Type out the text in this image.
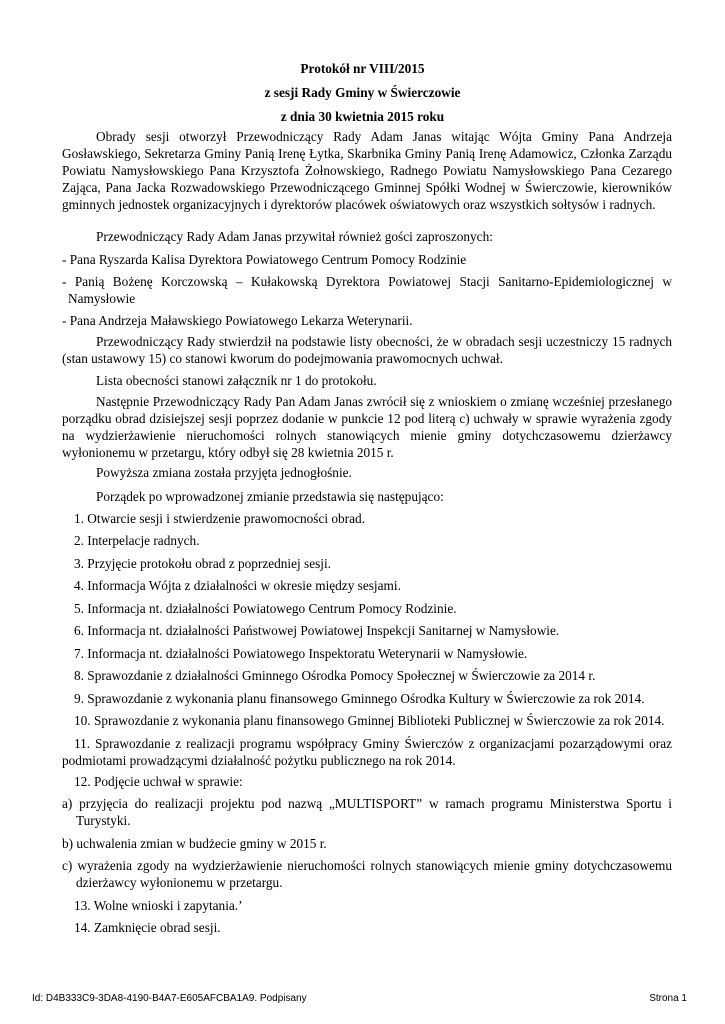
Protokół nr VIII/2015
z sesji Rady Gminy w Świerczowie
z dnia 30 kwietnia 2015 roku
Obrady sesji otworzył Przewodniczący Rady Adam Janas witając Wójta Gminy Pana Andrzeja Gosławskiego, Sekretarza Gminy Panią Irenę Łytka, Skarbnika Gminy Panią Irenę Adamowicz, Członka Zarządu Powiatu Namysłowskiego Pana Krzysztofa Żołnowskiego, Radnego Powiatu Namysłowskiego Pana Cezarego Zająca, Pana Jacka Rozwadowskiego Przewodniczącego Gminnej Spółki Wodnej w Świerczowie, kierowników gminnych jednostek organizacyjnych i dyrektorów placówek oświatowych oraz wszystkich sołtysów i radnych.
Przewodniczący Rady Adam Janas przywitał również gości zaproszonych:
- Pana Ryszarda Kalisa Dyrektora Powiatowego Centrum Pomocy Rodzinie
- Panią Bożenę Korczowską – Kułakowską Dyrektora Powiatowej Stacji Sanitarno-Epidemiologicznej w Namysłowie
- Pana Andrzeja Maławskiego Powiatowego Lekarza Weterynarii.
Przewodniczący Rady stwierdził na podstawie listy obecności, że w obradach sesji uczestniczy 15 radnych (stan ustawowy 15) co stanowi kworum do podejmowania prawomocnych uchwał.
Lista obecności stanowi załącznik nr 1 do protokołu.
Następnie Przewodniczący Rady Pan Adam Janas zwrócił się z wnioskiem o zmianę wcześniej przesłanego porządku obrad dzisiejszej sesji poprzez dodanie w punkcie 12 pod literą c) uchwały w sprawie wyrażenia zgody na wydzierżawienie nieruchomości rolnych stanowiących mienie gminy dotychczasowemu dzierżawcy wyłonionemu w przetargu, który odbył się 28 kwietnia 2015 r.
Powyższa zmiana została przyjęta jednogłośnie.
Porządek po wprowadzonej zmianie przedstawia się następująco:
1. Otwarcie sesji i stwierdzenie prawomocności obrad.
2. Interpelacje radnych.
3. Przyjęcie protokołu obrad z poprzedniej sesji.
4. Informacja Wójta z działalności w okresie między sesjami.
5. Informacja nt. działalności Powiatowego Centrum Pomocy Rodzinie.
6. Informacja nt. działalności Państwowej Powiatowej Inspekcji Sanitarnej w Namysłowie.
7. Informacja nt. działalności Powiatowego Inspektoratu Weterynarii w Namysłowie.
8. Sprawozdanie z działalności Gminnego Ośrodka Pomocy Społecznej w Świerczowie za 2014 r.
9. Sprawozdanie z wykonania planu finansowego Gminnego Ośrodka Kultury w Świerczowie za rok 2014.
10. Sprawozdanie z wykonania planu finansowego Gminnej Biblioteki Publicznej w Świerczowie za rok 2014.
11. Sprawozdanie z realizacji programu współpracy Gminy Świerczów z organizacjami pozarządowymi oraz podmiotami prowadzącymi działalność pożytku publicznego na rok 2014.
12. Podjęcie uchwał w sprawie:
a) przyjęcia do realizacji projektu pod nazwą „MULTISPORT” w ramach programu Ministerstwa Sportu i Turystyki.
b) uchwalenia zmian w budżecie gminy w 2015 r.
c) wyrażenia zgody na wydzierżawienie nieruchomości rolnych stanowiących mienie gminy dotychczasowemu dzierżawcy wyłonionemu w przetargu.
13. Wolne wnioski i zapytania.’
14. Zamknięcie obrad sesji.
Id: D4B333C9-3DA8-4190-B4A7-E605AFCBA1A9. Podpisany	Strona 1
